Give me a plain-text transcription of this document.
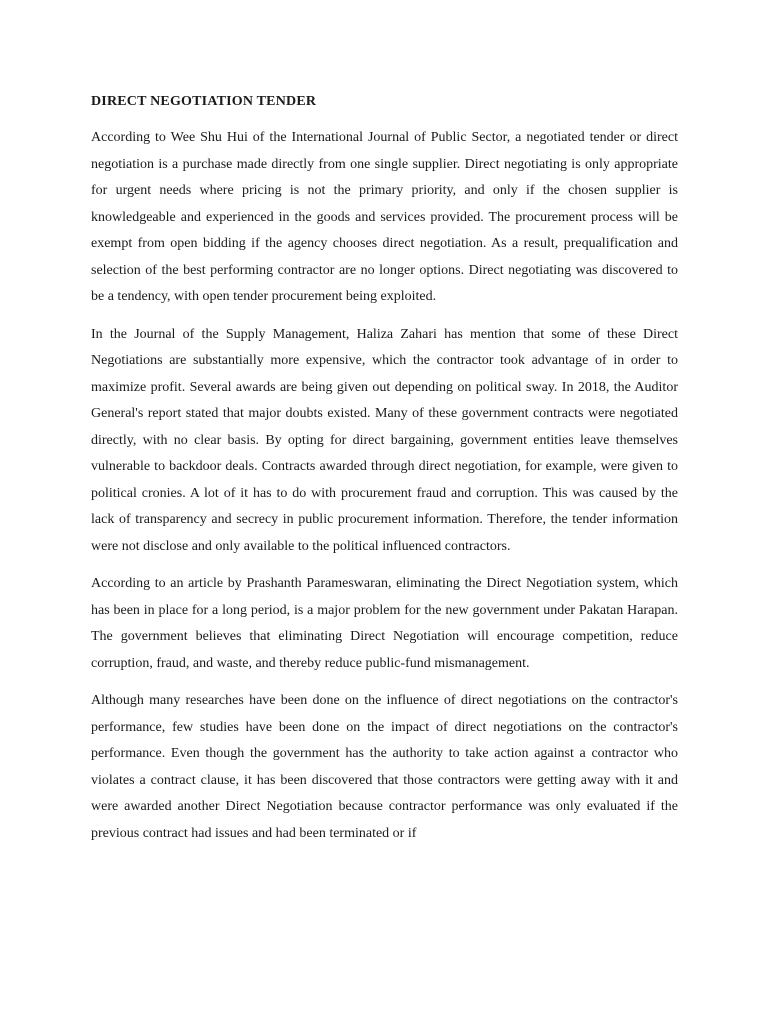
DIRECT NEGOTIATION TENDER

According to Wee Shu Hui of the International Journal of Public Sector, a negotiated tender or direct negotiation is a purchase made directly from one single supplier. Direct negotiating is only appropriate for urgent needs where pricing is not the primary priority, and only if the chosen supplier is knowledgeable and experienced in the goods and services provided. The procurement process will be exempt from open bidding if the agency chooses direct negotiation. As a result, prequalification and selection of the best performing contractor are no longer options. Direct negotiating was discovered to be a tendency, with open tender procurement being exploited.

In the Journal of the Supply Management, Haliza Zahari has mention that some of these Direct Negotiations are substantially more expensive, which the contractor took advantage of in order to maximize profit. Several awards are being given out depending on political sway. In 2018, the Auditor General's report stated that major doubts existed. Many of these government contracts were negotiated directly, with no clear basis. By opting for direct bargaining, government entities leave themselves vulnerable to backdoor deals. Contracts awarded through direct negotiation, for example, were given to political cronies. A lot of it has to do with procurement fraud and corruption. This was caused by the lack of transparency and secrecy in public procurement information. Therefore, the tender information were not disclose and only available to the political influenced contractors.

According to an article by Prashanth Parameswaran, eliminating the Direct Negotiation system, which has been in place for a long period, is a major problem for the new government under Pakatan Harapan. The government believes that eliminating Direct Negotiation will encourage competition, reduce corruption, fraud, and waste, and thereby reduce public-fund mismanagement.

Although many researches have been done on the influence of direct negotiations on the contractor's performance, few studies have been done on the impact of direct negotiations on the contractor's performance. Even though the government has the authority to take action against a contractor who violates a contract clause, it has been discovered that those contractors were getting away with it and were awarded another Direct Negotiation because contractor performance was only evaluated if the previous contract had issues and had been terminated or if
